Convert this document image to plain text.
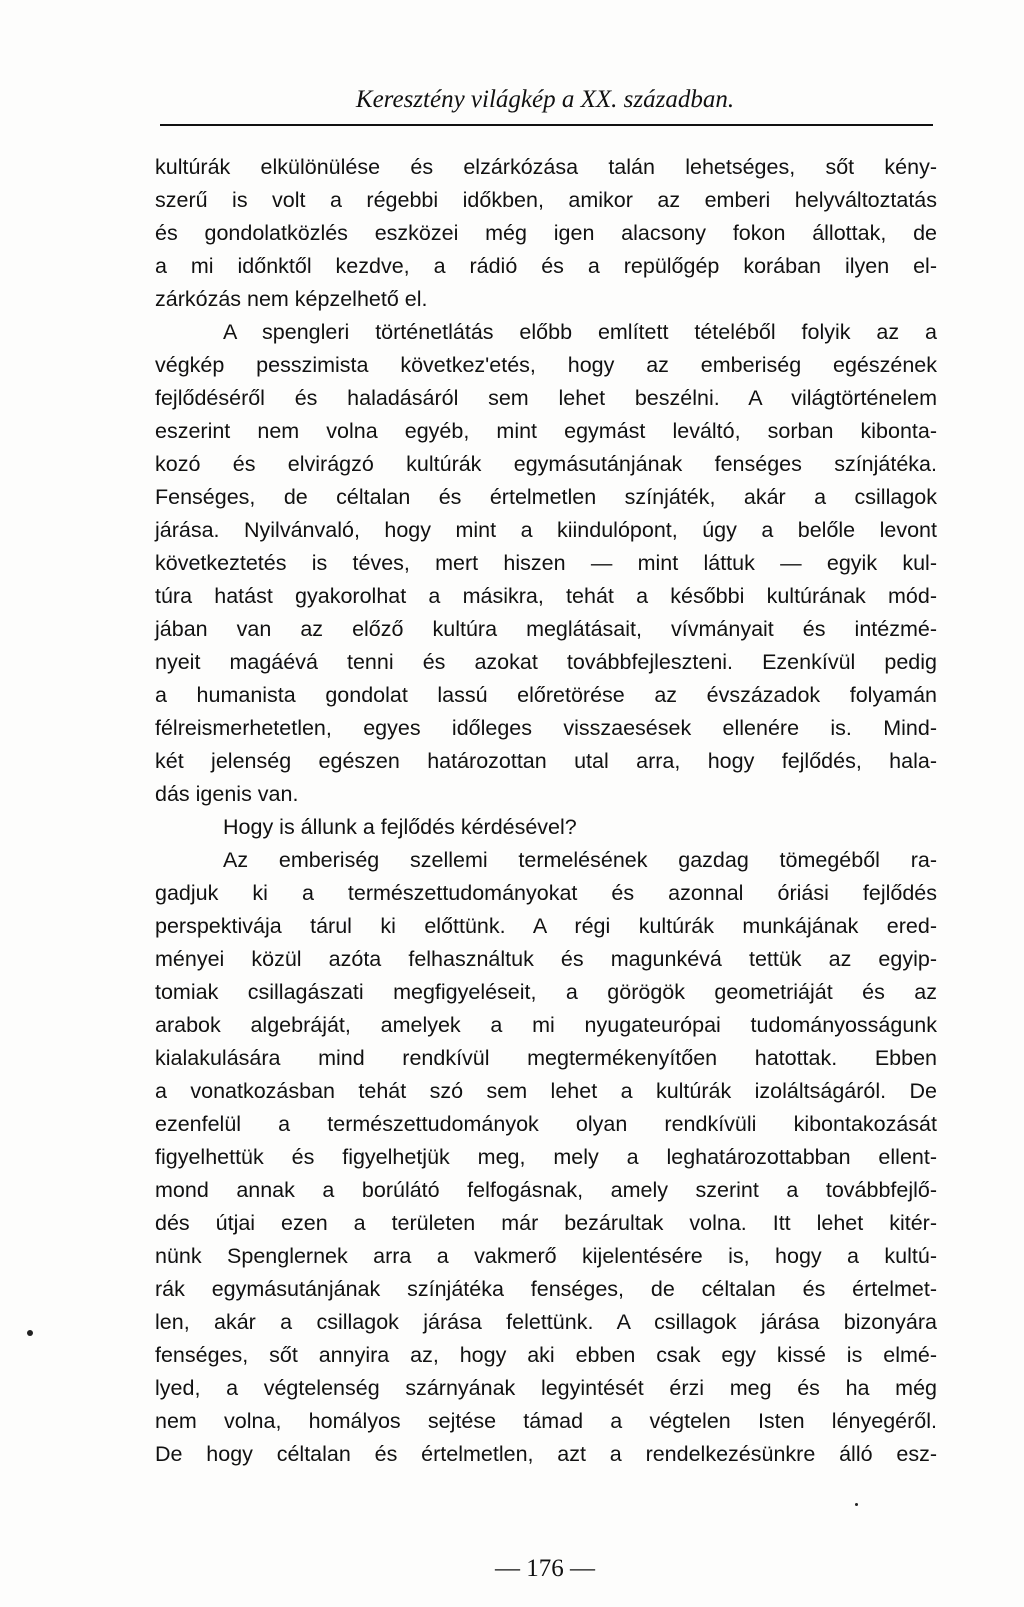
Keresztény világkép a XX. században.
kultúrák elkülönülése és elzárkózása talán lehetséges, sőt kény-
szerű is volt a régebbi időkben, amikor az emberi helyváltoztatás
és gondolatközlés eszközei még igen alacsony fokon állottak, de
a mi időnktől kezdve, a rádió és a repülőgép korában ilyen el-
zárkózás nem képzelhető el.
A spengleri történetlátás előbb említett tételéből folyik az a
végkép pesszimista következ'etés, hogy az emberiség egészének
fejlődéséről és haladásáról sem lehet beszélni. A világtörténelem
eszerint nem volna egyéb, mint egymást leváltó, sorban kibonta-
kozó és elvirágzó kultúrák egymásutánjának fenséges színjátéka.
Fenséges, de céltalan és értelmetlen színjáték, akár a csillagok
járása. Nyilvánvaló, hogy mint a kiindulópont, úgy a belőle levont
következtetés is téves, mert hiszen — mint láttuk — egyik kul-
túra hatást gyakorolhat a másikra, tehát a későbbi kultúrának mód-
jában van az előző kultúra meglátásait, vívmányait és intézmé-
nyeit magáévá tenni és azokat továbbfejleszteni. Ezenkívül pedig
a humanista gondolat lassú előretörése az évszázadok folyamán
félreismerhetetlen, egyes időleges visszaesések ellenére is. Mind-
két jelenség egészen határozottan utal arra, hogy fejlődés, hala-
dás igenis van.
Hogy is állunk a fejlődés kérdésével?
Az emberiség szellemi termelésének gazdag tömegéből ra-
gadjuk ki a természettudományokat és azonnal óriási fejlődés
perspektivája tárul ki előttünk. A régi kultúrák munkájának ered-
ményei közül azóta felhasználtuk és magunkévá tettük az egyip-
tomiak csillagászati megfigyeléseit, a görögök geometriáját és az
arabok algebráját, amelyek a mi nyugateurópai tudományosságunk
kialakulására mind rendkívül megtermékenyítően hatottak. Ebben
a vonatkozásban tehát szó sem lehet a kultúrák izoláltságáról. De
ezenfelül a természettudományok olyan rendkívüli kibontakozását
figyelhettük és figyelhetjük meg, mely a leghatározottabban ellent-
mond annak a borúlátó felfogásnak, amely szerint a továbbfejlő-
dés útjai ezen a területen már bezárultak volna. Itt lehet kitér-
nünk Spenglernek arra a vakmerő kijelentésére is, hogy a kultú-
rák egymásutánjának színjátéka fenséges, de céltalan és értelmet-
len, akár a csillagok járása felettünk. A csillagok járása bizonyára
fenséges, sőt annyira az, hogy aki ebben csak egy kissé is elmé-
lyed, a végtelenség szárnyának legyintését érzi meg és ha még
nem volna, homályos sejtése támad a végtelen Isten lényegéről.
De hogy céltalan és értelmetlen, azt a rendelkezésünkre álló esz-
— 176 —
